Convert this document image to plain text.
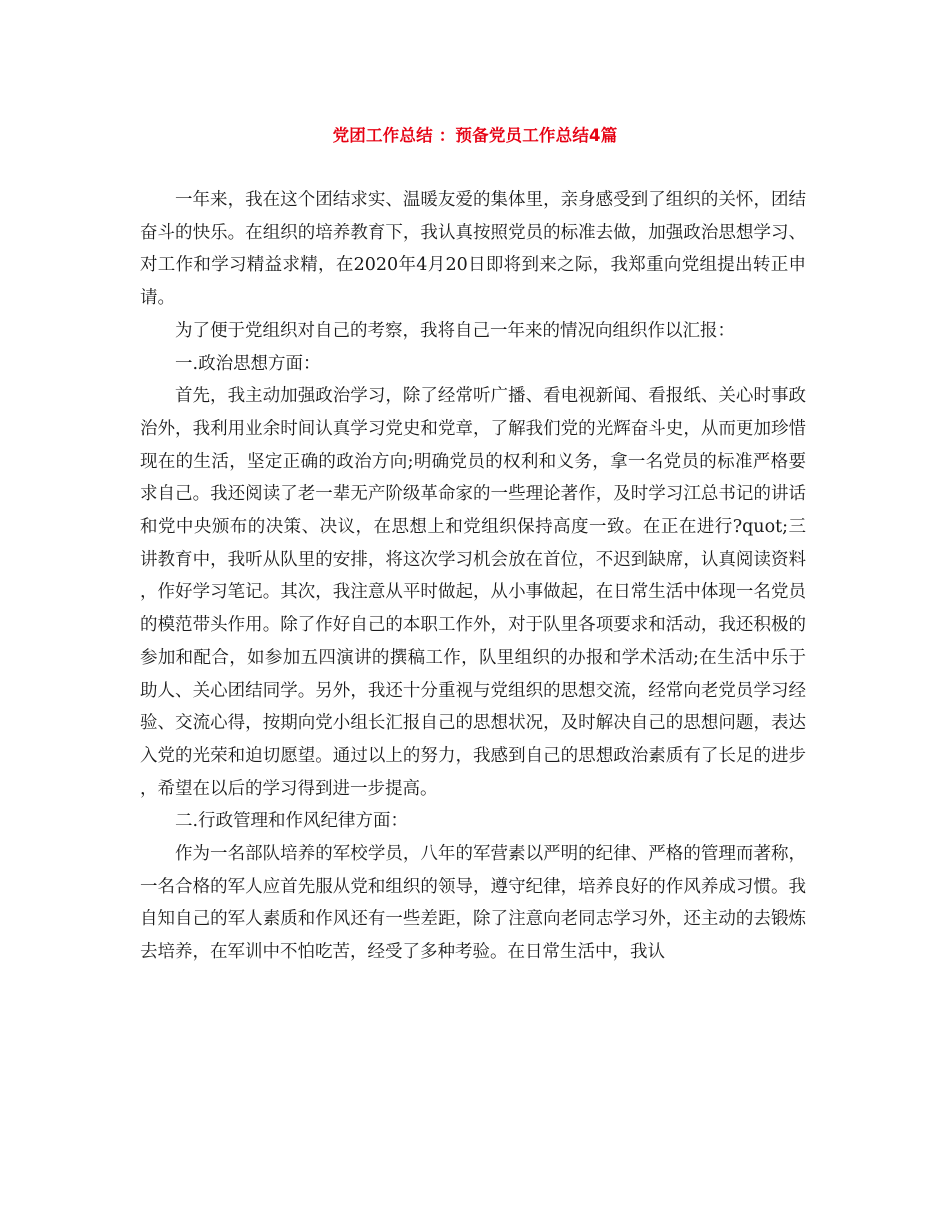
党团工作总结 ：预备党员工作总结4篇

一年来，我在这个团结求实、温暖友爱的集体里，亲身感受到了组织的关怀，团结奋斗的快乐。在组织的培养教育下，我认真按照党员的标准去做，加强政治思想学习、对工作和学习精益求精，在2020年4月20日即将到来之际，我郑重向党组提出转正申请。

为了便于党组织对自己的考察，我将自己一年来的情况向组织作以汇报：

一.政治思想方面：

首先，我主动加强政治学习，除了经常听广播、看电视新闻、看报纸、关心时事政治外，我利用业余时间认真学习党史和党章，了解我们党的光辉奋斗史，从而更加珍惜现在的生活，坚定正确的政治方向;明确党员的权利和义务，拿一名党员的标准严格要求自己。我还阅读了老一辈无产阶级革命家的一些理论著作，及时学习江总书记的讲话和党中央颁布的决策、决议，在思想上和党组织保持高度一致。在正在进行?quot;三讲教育中，我听从队里的安排，将这次学习机会放在首位，不迟到缺席，认真阅读资料，作好学习笔记。其次，我注意从平时做起，从小事做起，在日常生活中体现一名党员的模范带头作用。除了作好自己的本职工作外，对于队里各项要求和活动，我还积极的参加和配合，如参加五四演讲的撰稿工作，队里组织的办报和学术活动;在生活中乐于助人、关心团结同学。另外，我还十分重视与党组织的思想交流，经常向老党员学习经验、交流心得，按期向党小组长汇报自己的思想状况，及时解决自己的思想问题，表达入党的光荣和迫切愿望。通过以上的努力，我感到自己的思想政治素质有了长足的进步，希望在以后的学习得到进一步提高。

二.行政管理和作风纪律方面：

作为一名部队培养的军校学员，八年的军营素以严明的纪律、严格的管理而著称，一名合格的军人应首先服从党和组织的领导，遵守纪律，培养良好的作风养成习惯。我自知自己的军人素质和作风还有一些差距，除了注意向老同志学习外，还主动的去锻炼去培养，在军训中不怕吃苦，经受了多种考验。在日常生活中，我认
